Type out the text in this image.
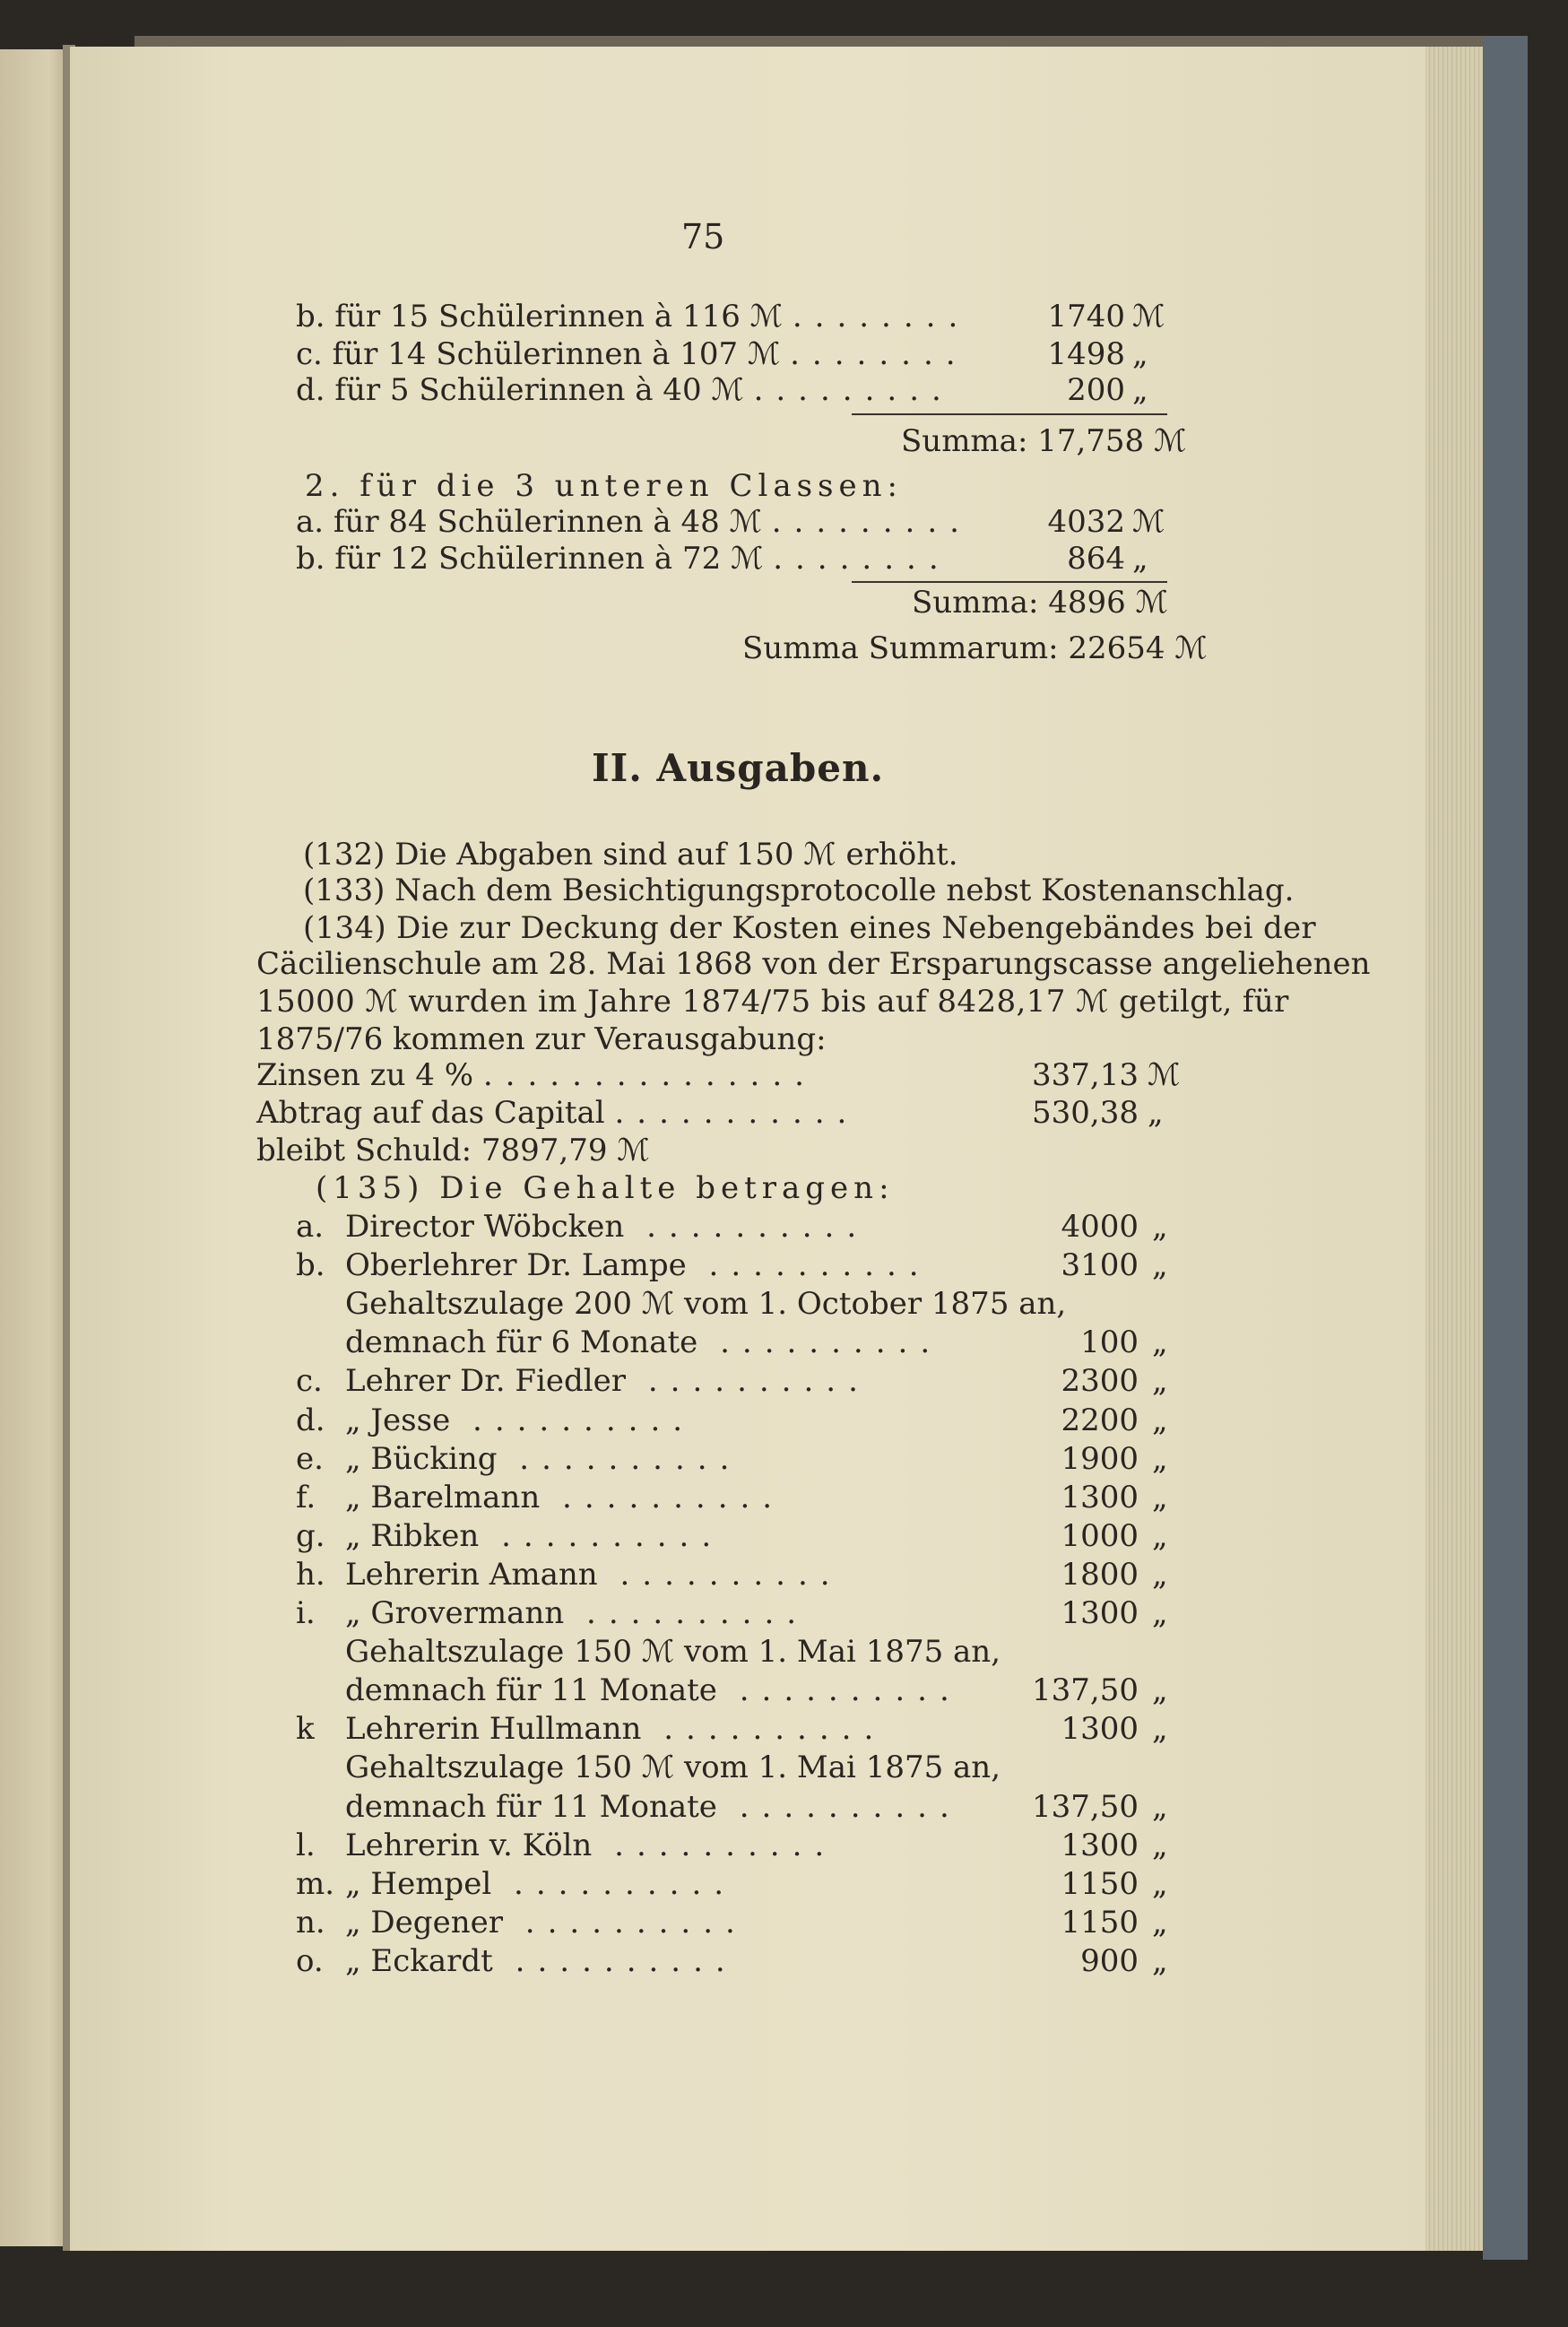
75
b. für 15 Schülerinnen à 116 ℳ ........	1740 ℳ
c. für 14 Schülerinnen à 107 ℳ ........	1498 „
d. für 5 Schülerinnen à 40 ℳ .........	200 „
Summa: 17,758 ℳ
2. für die 3 unteren Classen:
a. für 84 Schülerinnen à 48 ℳ .........	4032 ℳ
b. für 12 Schülerinnen à 72 ℳ ........	864 „
Summa: 4896 ℳ
Summa Summarum: 22654 ℳ
II. Ausgaben.
(132) Die Abgaben sind auf 150 ℳ erhöht.
(133) Nach dem Besichtigungsprotocolle nebst Kostenanschlag.
(134) Die zur Deckung der Kosten eines Nebengebändes bei der
Cäcilienschule am 28. Mai 1868 von der Ersparungscasse angeliehenen
15000 ℳ wurden im Jahre 1874/75 bis auf 8428,17 ℳ getilgt, für
1875/76 kommen zur Verausgabung:
Zinsen zu 4 % ...............	337,13 ℳ
Abtrag auf das Capital ...........	530,38 „
bleibt Schuld: 7897,79 ℳ
(135) Die Gehalte betragen:
a. Director Wöbcken ..........	4000 „
b. Oberlehrer Dr. Lampe ..........	3100 „
Gehaltszulage 200 ℳ vom 1. October 1875 an,
demnach für 6 Monate ..........	100 „
c. Lehrer Dr. Fiedler ..........	2300 „
d. „ Jesse ..........	2200 „
e. „ Bücking ..........	1900 „
f. „ Barelmann ..........	1300 „
g. „ Ribken ..........	1000 „
h. Lehrerin Amann ..........	1800 „
i. „ Grovermann ..........	1300 „
Gehaltszulage 150 ℳ vom 1. Mai 1875 an,
demnach für 11 Monate ..........	137,50 „
k Lehrerin Hullmann ..........	1300 „
Gehaltszulage 150 ℳ vom 1. Mai 1875 an,
demnach für 11 Monate ..........	137,50 „
l. Lehrerin v. Köln ..........	1300 „
m. „ Hempel ..........	1150 „
n. „ Degener ..........	1150 „
o. „ Eckardt ..........	900 „
